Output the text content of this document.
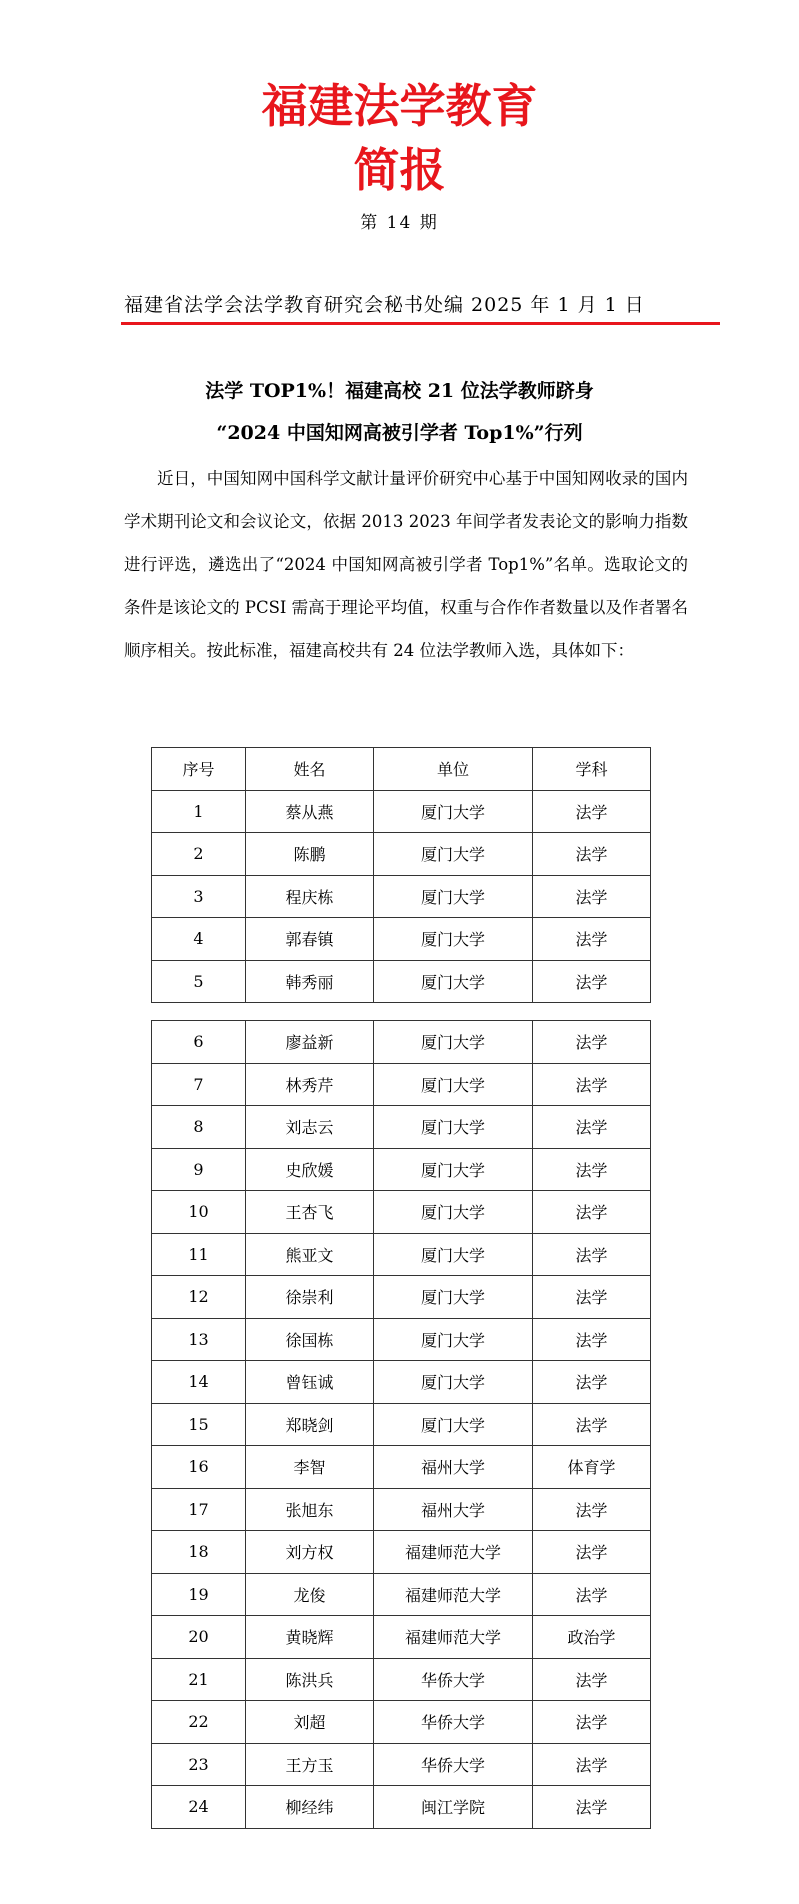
福建法学教育
简报
第 14 期
福建省法学会法学教育研究会秘书处编 2025 年 1 月 1 日
法学 TOP1%！福建高校 21 位法学教师跻身
“2024 中国知网高被引学者 Top1%”行列

近日，中国知网中国科学文献计量评价研究中心基于中国知网收录的国内学术期刊论文和会议论文，依据 2013 2023 年间学者发表论文的影响力指数进行评选，遴选出了“2024 中国知网高被引学者 Top1%”名单。选取论文的条件是该论文的 PCSI 需高于理论平均值，权重与合作作者数量以及作者署名顺序相关。按此标准，福建高校共有 24 位法学教师入选，具体如下：

序号	姓名	单位	学科
1	蔡从燕	厦门大学	法学
2	陈鹏	厦门大学	法学
3	程庆栋	厦门大学	法学
4	郭春镇	厦门大学	法学
5	韩秀丽	厦门大学	法学
6	廖益新	厦门大学	法学
7	林秀芹	厦门大学	法学
8	刘志云	厦门大学	法学
9	史欣媛	厦门大学	法学
10	王杏飞	厦门大学	法学
11	熊亚文	厦门大学	法学
12	徐崇利	厦门大学	法学
13	徐国栋	厦门大学	法学
14	曾钰诚	厦门大学	法学
15	郑晓剑	厦门大学	法学
16	李智	福州大学	体育学
17	张旭东	福州大学	法学
18	刘方权	福建师范大学	法学
19	龙俊	福建师范大学	法学
20	黄晓辉	福建师范大学	政治学
21	陈洪兵	华侨大学	法学
22	刘超	华侨大学	法学
23	王方玉	华侨大学	法学
24	柳经纬	闽江学院	法学
